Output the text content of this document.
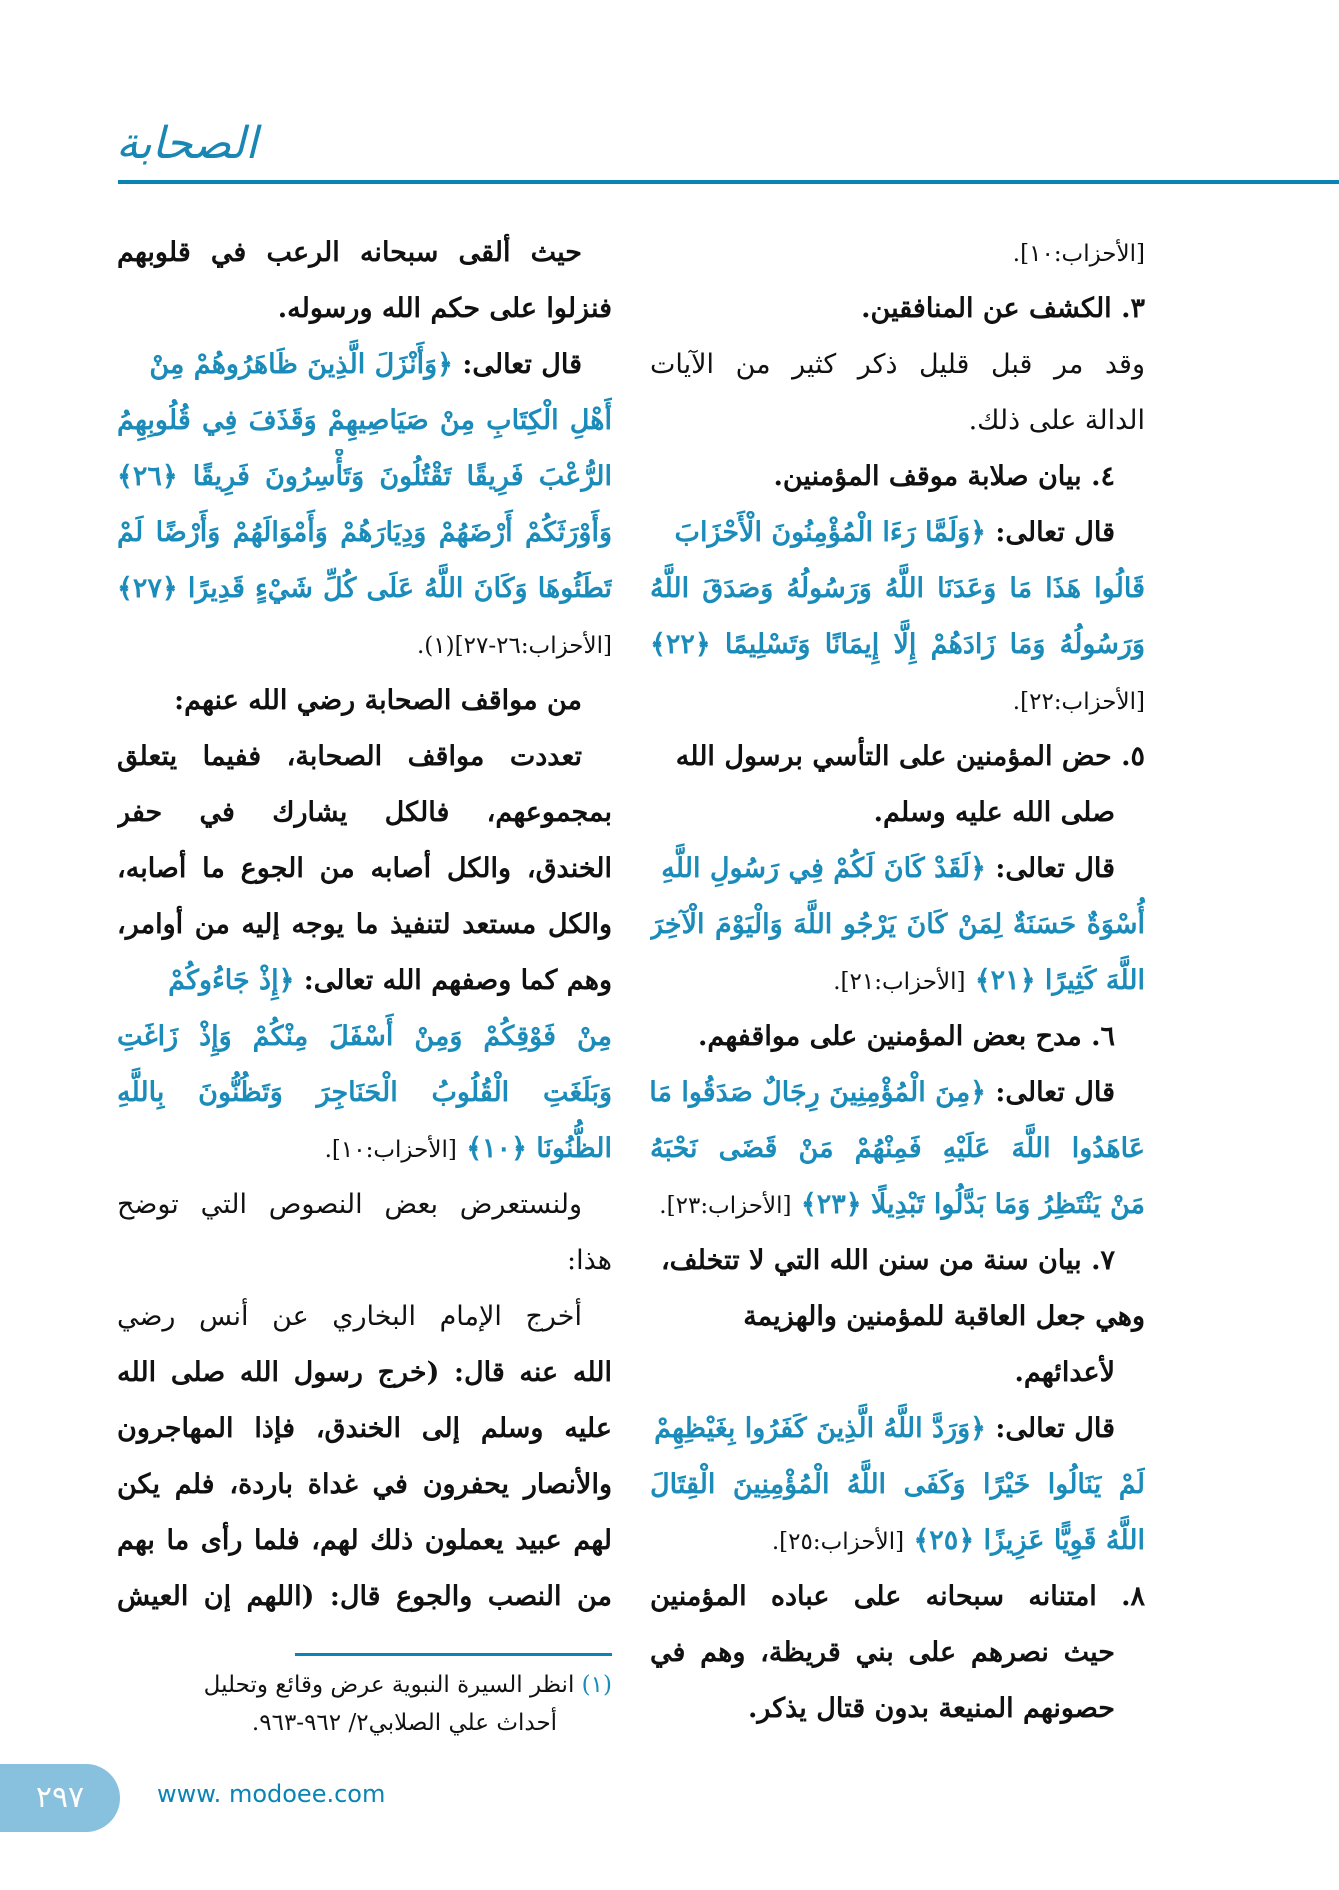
الصحابة
[الأحزاب:١٠].
٣. الكشف عن المنافقين.
وقد مر قبل قليل ذكر كثير من الآيات
الدالة على ذلك.
٤. بيان صلابة موقف المؤمنين.
قال تعالى: ﴿وَلَمَّا رَءَا الْمُؤْمِنُونَ الْأَحْزَابَ
قَالُوا هَذَا مَا وَعَدَنَا اللَّهُ وَرَسُولُهُ وَصَدَقَ اللَّهُ
وَرَسُولُهُ وَمَا زَادَهُمْ إِلَّا إِيمَانًا وَتَسْلِيمًا ﴿٢٢﴾
[الأحزاب:٢٢].
٥. حض المؤمنين على التأسي برسول الله
صلى الله عليه وسلم.
قال تعالى: ﴿لَقَدْ كَانَ لَكُمْ فِي رَسُولِ اللَّهِ
أُسْوَةٌ حَسَنَةٌ لِمَنْ كَانَ يَرْجُو اللَّهَ وَالْيَوْمَ الْآخِرَ
اللَّهَ كَثِيرًا ﴿٢١﴾ [الأحزاب:٢١].
٦. مدح بعض المؤمنين على مواقفهم.
قال تعالى: ﴿مِنَ الْمُؤْمِنِينَ رِجَالٌ صَدَقُوا مَا
عَاهَدُوا اللَّهَ عَلَيْهِ فَمِنْهُمْ مَنْ قَضَى نَحْبَهُ
مَنْ يَنْتَظِرُ وَمَا بَدَّلُوا تَبْدِيلًا ﴿٢٣﴾ [الأحزاب:٢٣].
٧. بيان سنة من سنن الله التي لا تتخلف،
وهي جعل العاقبة للمؤمنين والهزيمة
لأعدائهم.
قال تعالى: ﴿وَرَدَّ اللَّهُ الَّذِينَ كَفَرُوا بِغَيْظِهِمْ
لَمْ يَنَالُوا خَيْرًا وَكَفَى اللَّهُ الْمُؤْمِنِينَ الْقِتَالَ
اللَّهُ قَوِيًّا عَزِيزًا ﴿٢٥﴾ [الأحزاب:٢٥].
٨. امتنانه سبحانه على عباده المؤمنين
حيث نصرهم على بني قريظة، وهم في
حصونهم المنيعة بدون قتال يذكر.
حيث ألقى سبحانه الرعب في قلوبهم
فنزلوا على حكم الله ورسوله.
قال تعالى: ﴿وَأَنْزَلَ الَّذِينَ ظَاهَرُوهُمْ مِنْ
أَهْلِ الْكِتَابِ مِنْ صَيَاصِيهِمْ وَقَذَفَ فِي قُلُوبِهِمُ
الرُّعْبَ فَرِيقًا تَقْتُلُونَ وَتَأْسِرُونَ فَرِيقًا ﴿٢٦﴾
وَأَوْرَثَكُمْ أَرْضَهُمْ وَدِيَارَهُمْ وَأَمْوَالَهُمْ وَأَرْضًا لَمْ
تَطَئُوهَا وَكَانَ اللَّهُ عَلَى كُلِّ شَيْءٍ قَدِيرًا ﴿٢٧﴾
[الأحزاب:٢٦-٢٧](١).
من مواقف الصحابة رضي الله عنهم:
تعددت مواقف الصحابة، ففيما يتعلق
بمجموعهم، فالكل يشارك في حفر
الخندق، والكل أصابه من الجوع ما أصابه،
والكل مستعد لتنفيذ ما يوجه إليه من أوامر،
وهم كما وصفهم الله تعالى: ﴿إِذْ جَاءُوكُمْ
مِنْ فَوْقِكُمْ وَمِنْ أَسْفَلَ مِنْكُمْ وَإِذْ زَاغَتِ
وَبَلَغَتِ الْقُلُوبُ الْحَنَاجِرَ وَتَظُنُّونَ بِاللَّهِ
الظُّنُونَا ﴿١٠﴾ [الأحزاب:١٠].
ولنستعرض بعض النصوص التي توضح
هذا:
أخرج الإمام البخاري عن أنس رضي
الله عنه قال: (خرج رسول الله صلى الله
عليه وسلم إلى الخندق، فإذا المهاجرون
والأنصار يحفرون في غداة باردة، فلم يكن
لهم عبيد يعملون ذلك لهم، فلما رأى ما بهم
من النصب والجوع قال: (اللهم إن العيش
(١) انظر السيرة النبوية عرض وقائع وتحليل
أحداث علي الصلابي٢/ ٩٦٢-٩٦٣.
٢٩٧	www. modoee.com
